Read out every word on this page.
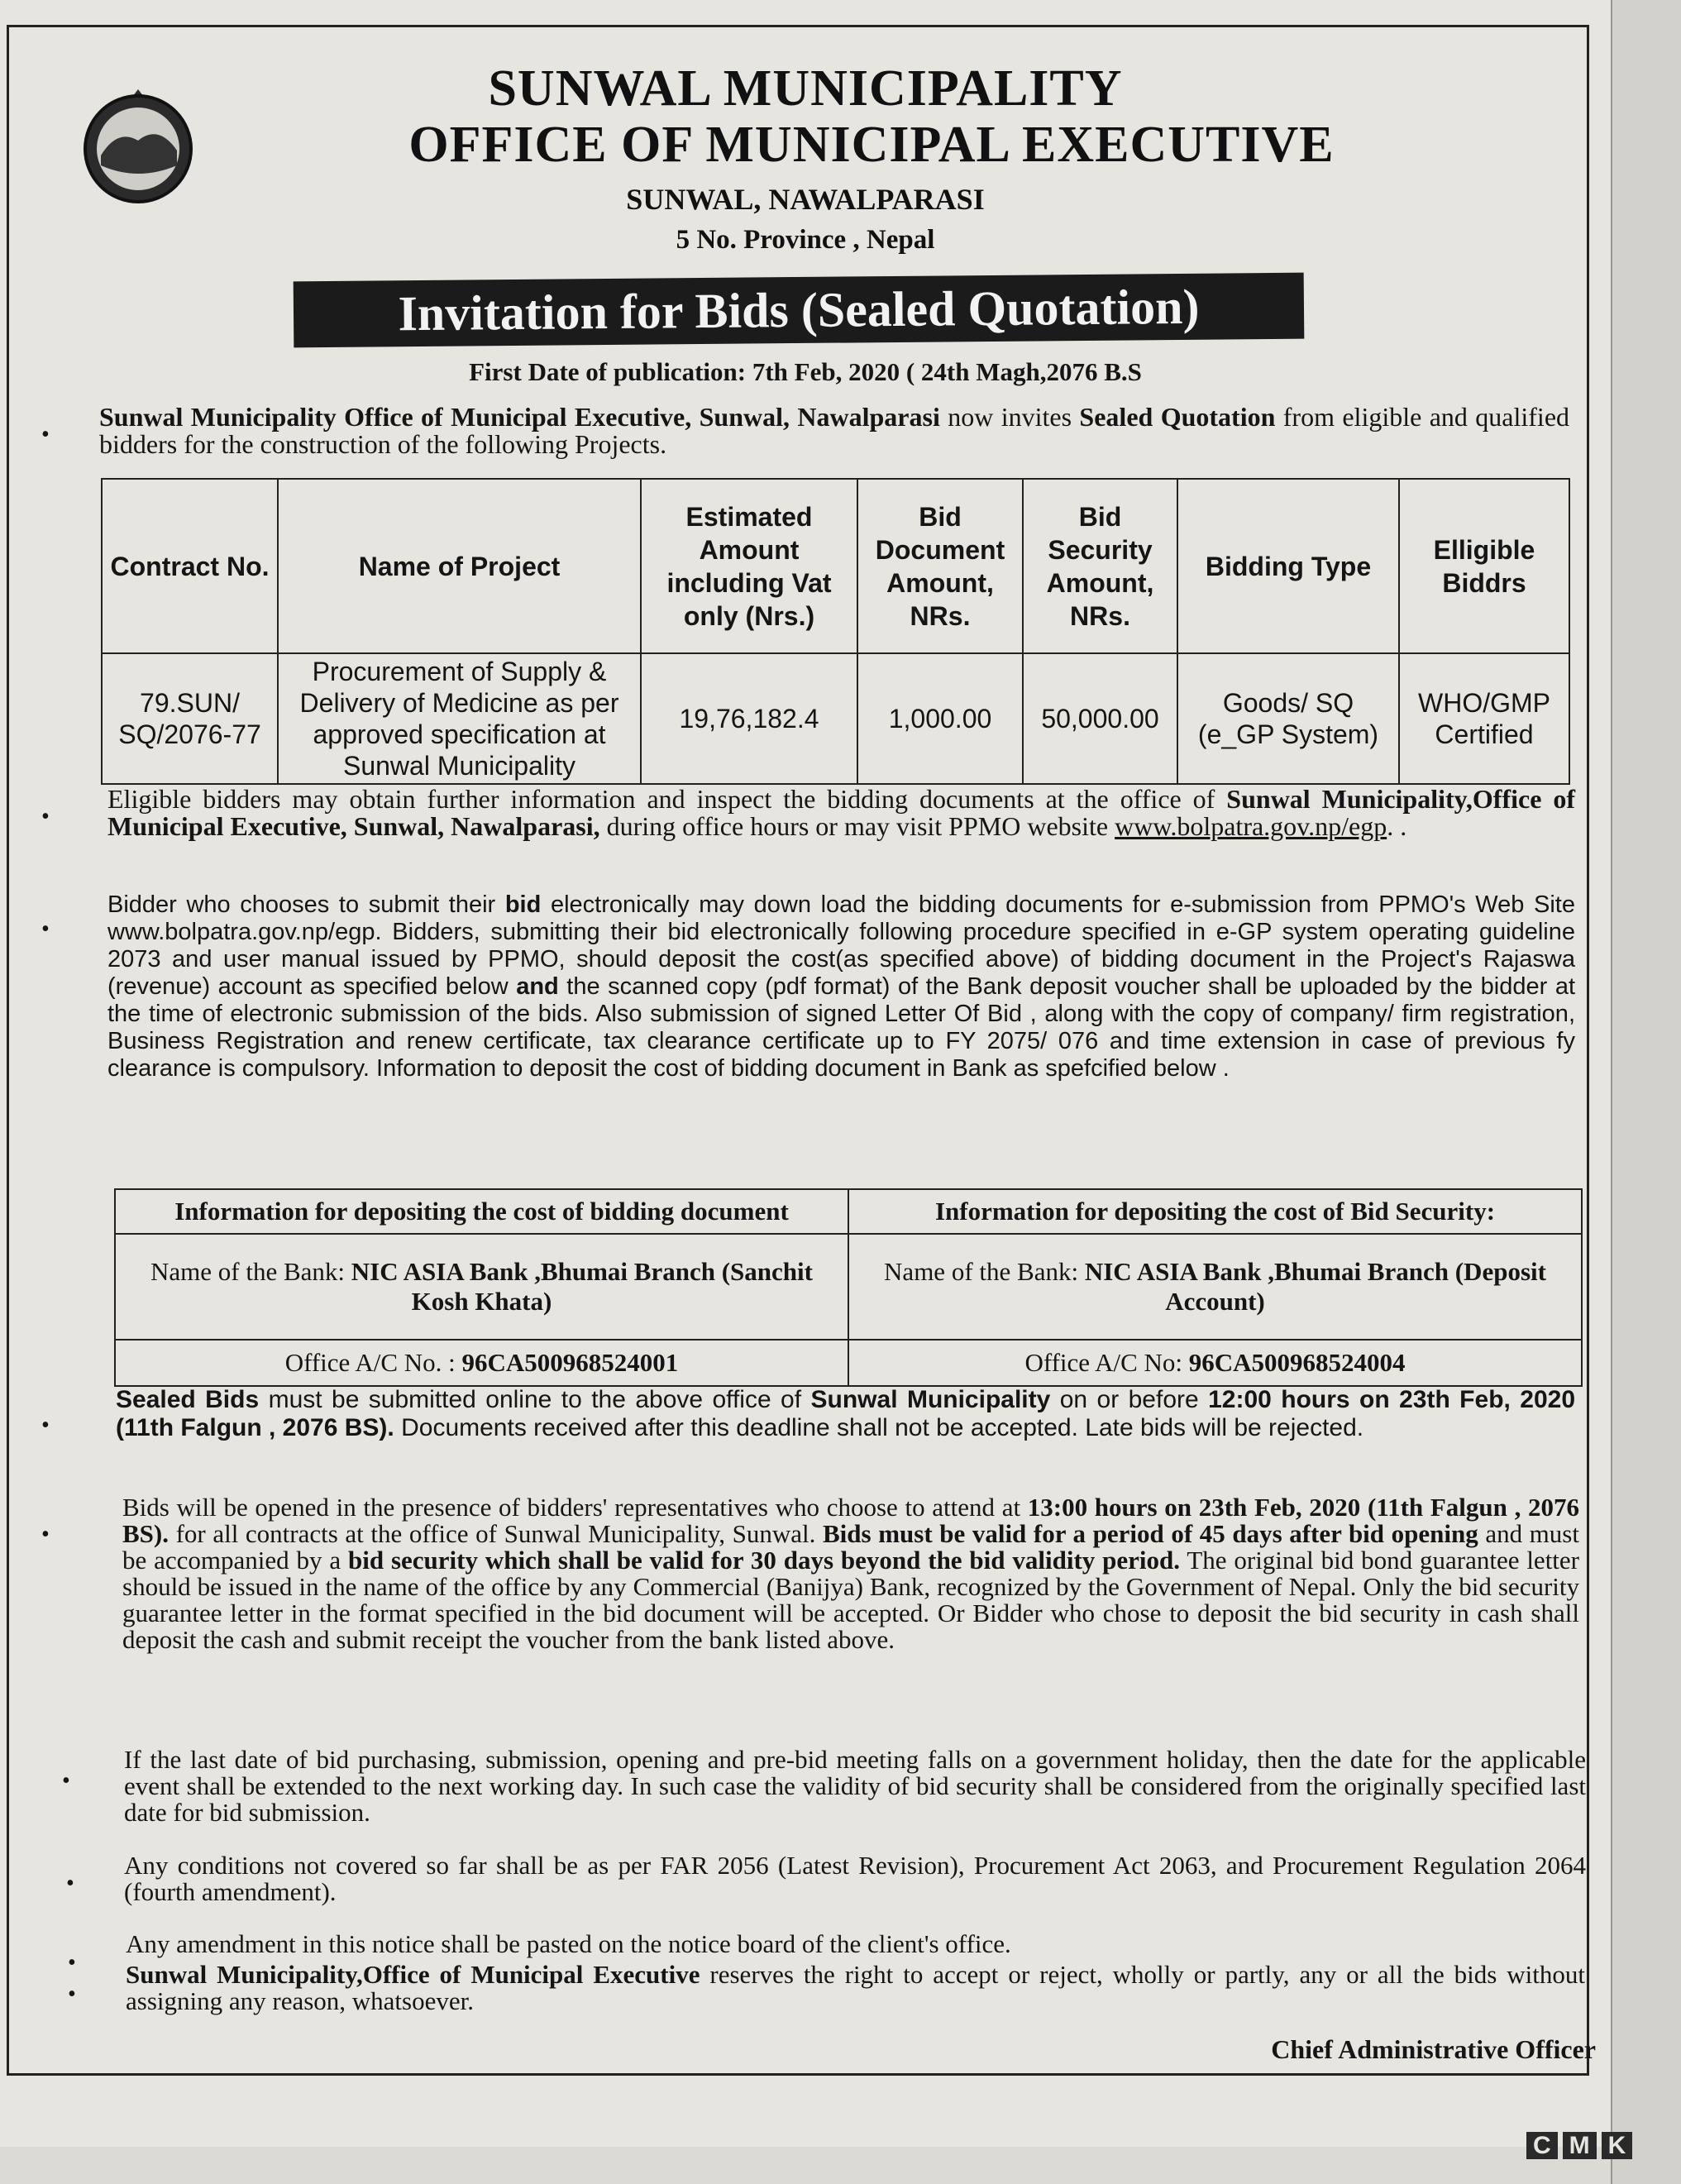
SUNWAL MUNICIPALITY
OFFICE OF MUNICIPAL EXECUTIVE
SUNWAL, NAWALPARASI
5 No. Province , Nepal
Invitation for Bids (Sealed Quotation)
First Date of publication: 7th Feb, 2020 ( 24th Magh,2076 B.S
•
Sunwal Municipality Office of Municipal Executive, Sunwal, Nawalparasi now invites Sealed Quotation from eligible and qualified bidders for the construction of the following Projects.
Contract No.	Name of Project	Estimated Amount including Vat only (Nrs.)	Bid Document Amount, NRs.	Bid Security Amount, NRs.	Bidding Type	Elligible Biddrs
79.SUN/ SQ/2076-77	Procurement of Supply & Delivery of Medicine as per approved specification at Sunwal Municipality	19,76,182.4	1,000.00	50,000.00	Goods/ SQ (e_GP System)	WHO/GMP Certified
•
Eligible bidders may obtain further information and inspect the bidding documents at the office of Sunwal Municipality,Office of Municipal Executive, Sunwal, Nawalparasi, during office hours or may visit PPMO website www.bolpatra.gov.np/egp. .
•
Bidder who chooses to submit their bid electronically may down load the bidding documents for e-submission from PPMO's Web Site www.bolpatra.gov.np/egp. Bidders, submitting their bid electronically following procedure specified in e-GP system operating guideline 2073 and user manual issued by PPMO, should deposit the cost(as specified above) of bidding document in the Project's Rajaswa (revenue) account as specified below and the scanned copy (pdf format) of the Bank deposit voucher shall be uploaded by the bidder at the time of electronic submission of the bids. Also submission of signed Letter Of Bid , along with the copy of company/ firm registration, Business Registration and renew certificate, tax clearance certificate up to FY 2075/ 076 and time extension in case of previous fy clearance is compulsory. Information to deposit the cost of bidding document in Bank as spefcified below .
Information for depositing the cost of bidding document	Information for depositing the cost of Bid Security:
Name of the Bank: NIC ASIA Bank ,Bhumai Branch (Sanchit Kosh Khata)	Name of the Bank: NIC ASIA Bank ,Bhumai Branch (Deposit Account)
Office A/C No. : 96CA500968524001	Office A/C No: 96CA500968524004
•
Sealed Bids must be submitted online to the above office of Sunwal Municipality on or before 12:00 hours on 23th Feb, 2020 (11th Falgun , 2076 BS). Documents received after this deadline shall not be accepted. Late bids will be rejected.
•
Bids will be opened in the presence of bidders' representatives who choose to attend at 13:00 hours on 23th Feb, 2020 (11th Falgun , 2076 BS). for all contracts at the office of Sunwal Municipality, Sunwal. Bids must be valid for a period of 45 days after bid opening and must be accompanied by a bid security which shall be valid for 30 days beyond the bid validity period. The original bid bond guarantee letter should be issued in the name of the office by any Commercial (Banijya) Bank, recognized by the Government of Nepal. Only the bid security guarantee letter in the format specified in the bid document will be accepted. Or Bidder who chose to deposit the bid security in cash shall deposit the cash and submit receipt the voucher from the bank listed above.
•
If the last date of bid purchasing, submission, opening and pre-bid meeting falls on a government holiday, then the date for the applicable event shall be extended to the next working day. In such case the validity of bid security shall be considered from the originally specified last date for bid submission.
•
Any conditions not covered so far shall be as per FAR 2056 (Latest Revision), Procurement Act 2063, and Procurement Regulation 2064 (fourth amendment).
•
Any amendment in this notice shall be pasted on the notice board of the client's office.
•
Sunwal Municipality,Office of Municipal Executive reserves the right to accept or reject, wholly or partly, any or all the bids without assigning any reason, whatsoever.
Chief Administrative Officer
C M K
